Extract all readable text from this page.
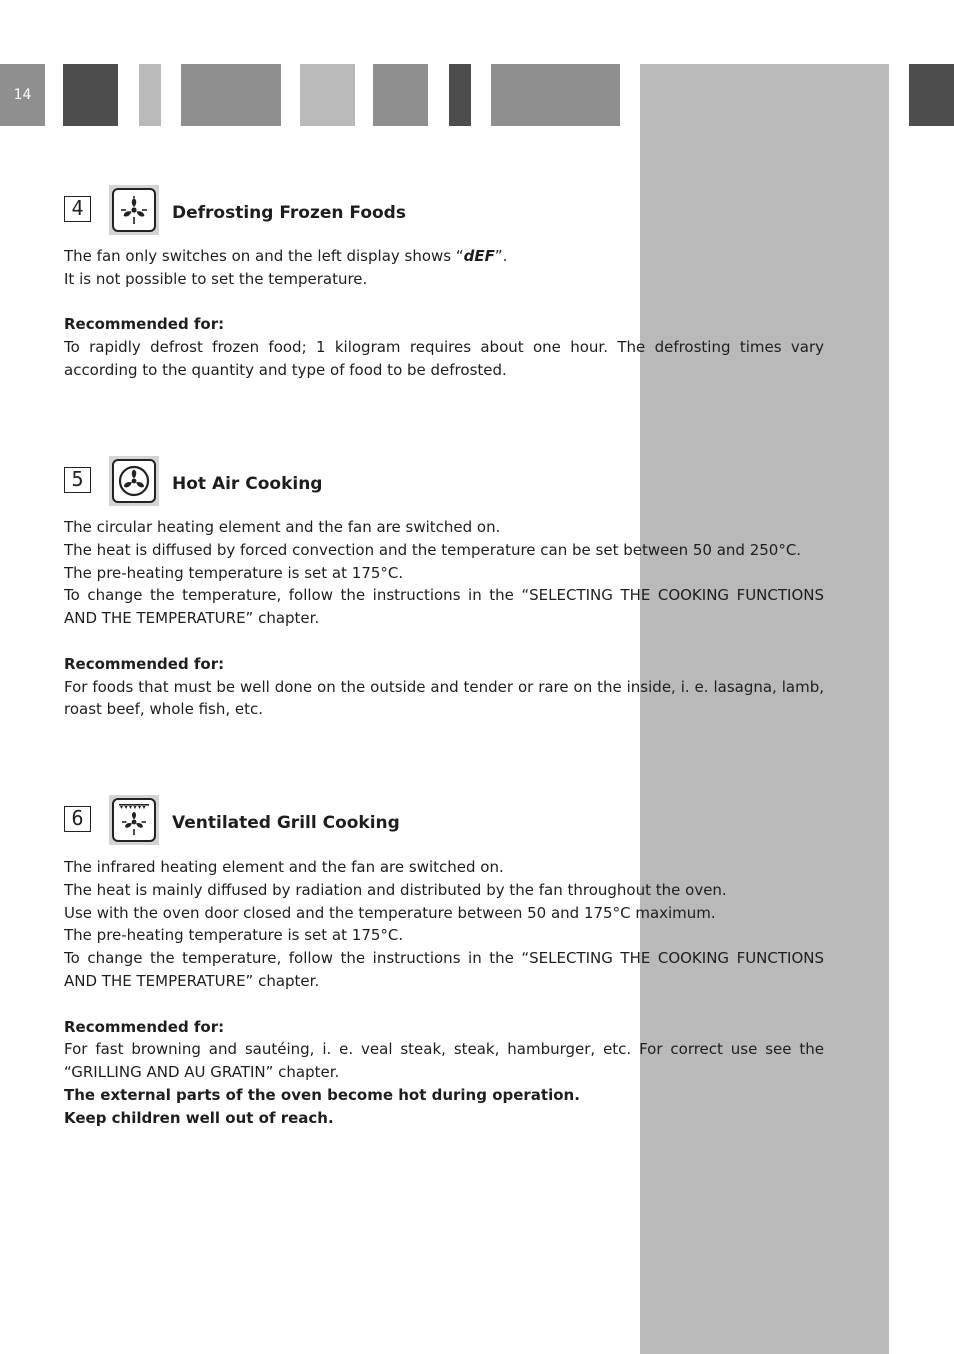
14
4	Defrosting Frozen Foods

The fan only switches on and the left display shows “dEF”.

It is not possible to set the temperature.

Recommended for:

To rapidly defrost frozen food; 1 kilogram requires about one hour. The defrosting times vary according to the quantity and type of food to be defrosted.

5	Hot Air Cooking

The circular heating element and the fan are switched on.

The heat is diffused by forced convection and the temperature can be set between 50 and 250°C.

The pre-heating temperature is set at 175°C.

To change the temperature, follow the instructions in the “SELECTING THE COOKING FUNCTIONS AND THE TEMPERATURE” chapter.

Recommended for:

For foods that must be well done on the outside and tender or rare on the inside, i. e. lasagna, lamb, roast beef, whole fish, etc.

6	Ventilated Grill Cooking

The infrared heating element and the fan are switched on.

The heat is mainly diffused by radiation and distributed by the fan throughout the oven.

Use with the oven door closed and the temperature between 50 and 175°C maximum.

The pre-heating temperature is set at 175°C.

To change the temperature, follow the instructions in the “SELECTING THE COOKING FUNCTIONS AND THE TEMPERATURE” chapter.

Recommended for:

For fast browning and sautéing, i. e. veal steak, steak, hamburger, etc. For correct use see the “GRILLING AND AU GRATIN” chapter.

The external parts of the oven become hot during operation.

Keep children well out of reach.
